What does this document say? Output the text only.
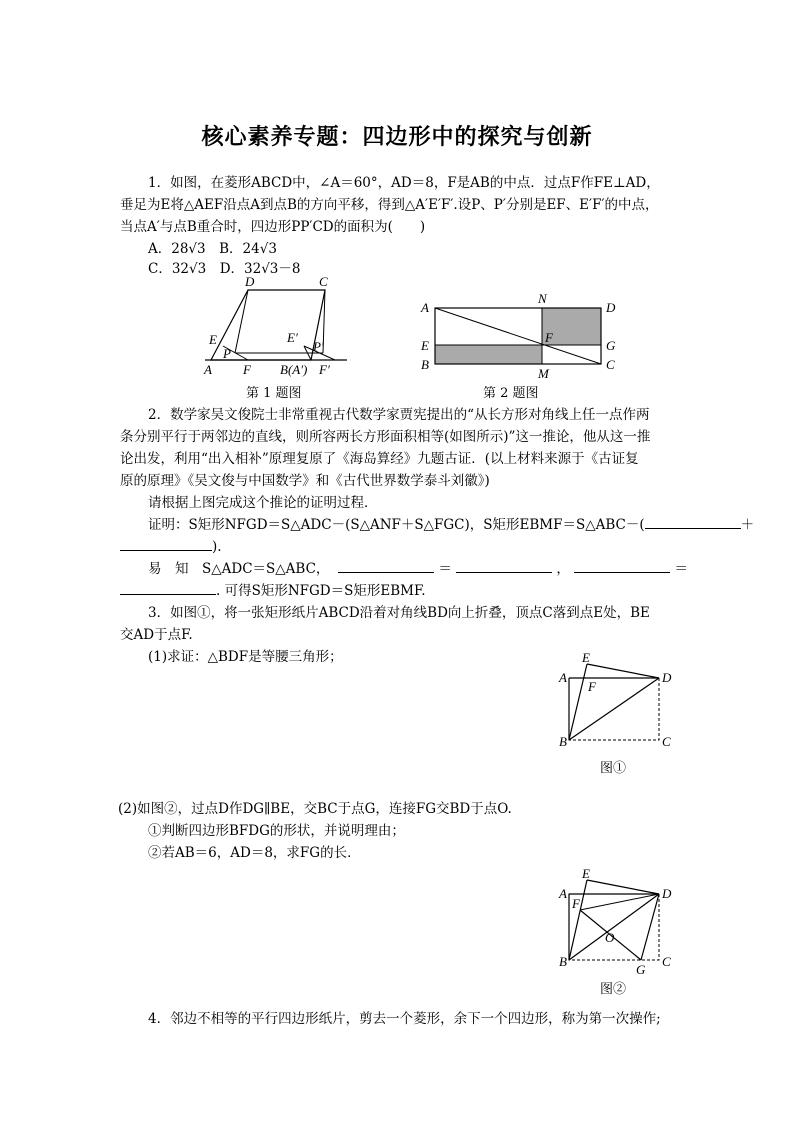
核心素养专题：四边形中的探究与创新
1．如图，在菱形ABCD中，∠A＝60°，AD＝8，F是AB的中点．过点F作FE⊥AD，
垂足为E将△AEF沿点A到点B的方向平移，得到△A′E′F′.设P、P′分别是EF、E′F′的中点，
当点A′与点B重合时，四边形PP′CD的面积为(　　)
A．28√3　B．24√3
C．32√3　D．32√3－8
D	C
E
P
E′
P′
A F B(A′) F′
第 1 题图
A
N
D
E
F
G
B
M
C
第 2 题图
2．数学家吴文俊院士非常重视古代数学家贾宪提出的“从长方形对角线上任一点作两
条分别平行于两邻边的直线，则所容两长方形面积相等(如图所示)”这一推论，他从这一推
论出发，利用“出入相补”原理复原了《海岛算经》九题古证．(以上材料来源于《古证复
原的原理》《吴文俊与中国数学》和《古代世界数学泰斗刘徽》)
请根据上图完成这个推论的证明过程．
证明：S矩形NFGD＝S△ADC－(S△ANF＋S△FGC)，S矩形EBMF＝S△ABC－(	＋
).
易　知　S△ADC＝S△ABC，	＝	，	＝
. 可得S矩形NFGD＝S矩形EBMF.
3．如图①，将一张矩形纸片ABCD沿着对角线BD向上折叠，顶点C落到点E处，BE
交AD于点F.
(1)求证：△BDF是等腰三角形；	E
D
A
F
B	C
图①
(2)如图②，过点D作DG∥BE，交BC于点G，连接FG交BD于点O.
①判断四边形BFDG的形状，并说明理由；
②若AB＝6，AD＝8，求FG的长．
E
D
A
F
O
B
G
C
图②
4．邻边不相等的平行四边形纸片，剪去一个菱形，余下一个四边形，称为第一次操作;
